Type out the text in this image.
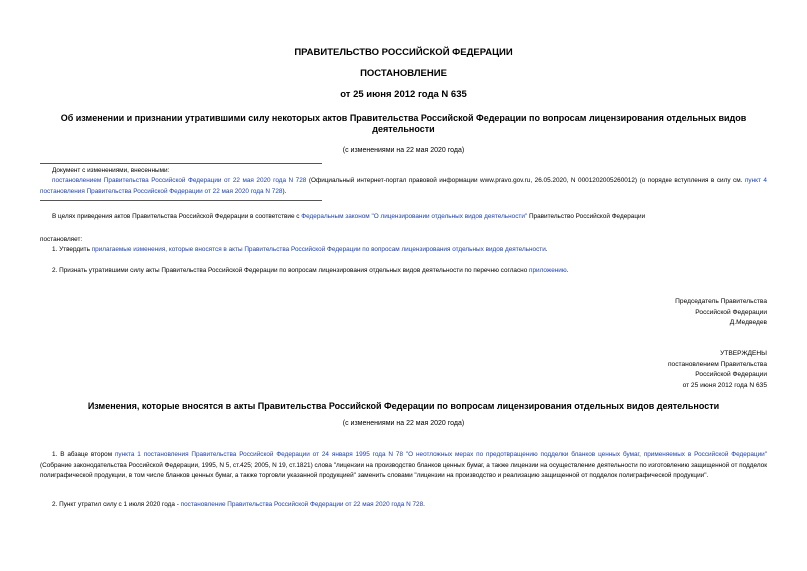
ПРАВИТЕЛЬСТВО РОССИЙСКОЙ ФЕДЕРАЦИИ
ПОСТАНОВЛЕНИЕ
от 25 июня 2012 года N 635
Об изменении и признании утратившими силу некоторых актов Правительства Российской Федерации по вопросам лицензирования отдельных видов деятельности
(с изменениями на 22 мая 2020 года)
Документ с изменениями, внесенными:
постановлением Правительства Российской Федерации от 22 мая 2020 года N 728 (Официальный интернет-портал правовой информации www.pravo.gov.ru, 26.05.2020, N 0001202005260012) (о порядке вступления в силу см. пункт 4 постановления Правительства Российской Федерации от 22 мая 2020 года N 728).
В целях приведения актов Правительства Российской Федерации в соответствие с Федеральным законом "О лицензировании отдельных видов деятельности" Правительство Российской Федерации
постановляет:
1. Утвердить прилагаемые изменения, которые вносятся в акты Правительства Российской Федерации по вопросам лицензирования отдельных видов деятельности.
2. Признать утратившими силу акты Правительства Российской Федерации по вопросам лицензирования отдельных видов деятельности по перечню согласно приложению.
Председатель Правительства
Российской Федерации
Д.Медведев
УТВЕРЖДЕНЫ
постановлением Правительства
Российской Федерации
от 25 июня 2012 года N 635
Изменения, которые вносятся в акты Правительства Российской Федерации по вопросам лицензирования отдельных видов деятельности
(с изменениями на 22 мая 2020 года)
1. В абзаце втором пункта 1 постановления Правительства Российской Федерации от 24 января 1995 года N 78 "О неотложных мерах по предотвращению подделки бланков ценных бумаг, применяемых в Российской Федерации" (Собрание законодательства Российской Федерации, 1995, N 5, ст.425; 2005, N 19, ст.1821) слова "лицензии на производство бланков ценных бумаг, а также лицензии на осуществление деятельности по изготовлению защищенной от подделок полиграфической продукции, в том числе бланков ценных бумаг, а также торговли указанной продукцией" заменить словами "лицензии на производство и реализацию защищенной от подделок полиграфической продукции".
2. Пункт утратил силу с 1 июля 2020 года - постановление Правительства Российской Федерации от 22 мая 2020 года N 728.
